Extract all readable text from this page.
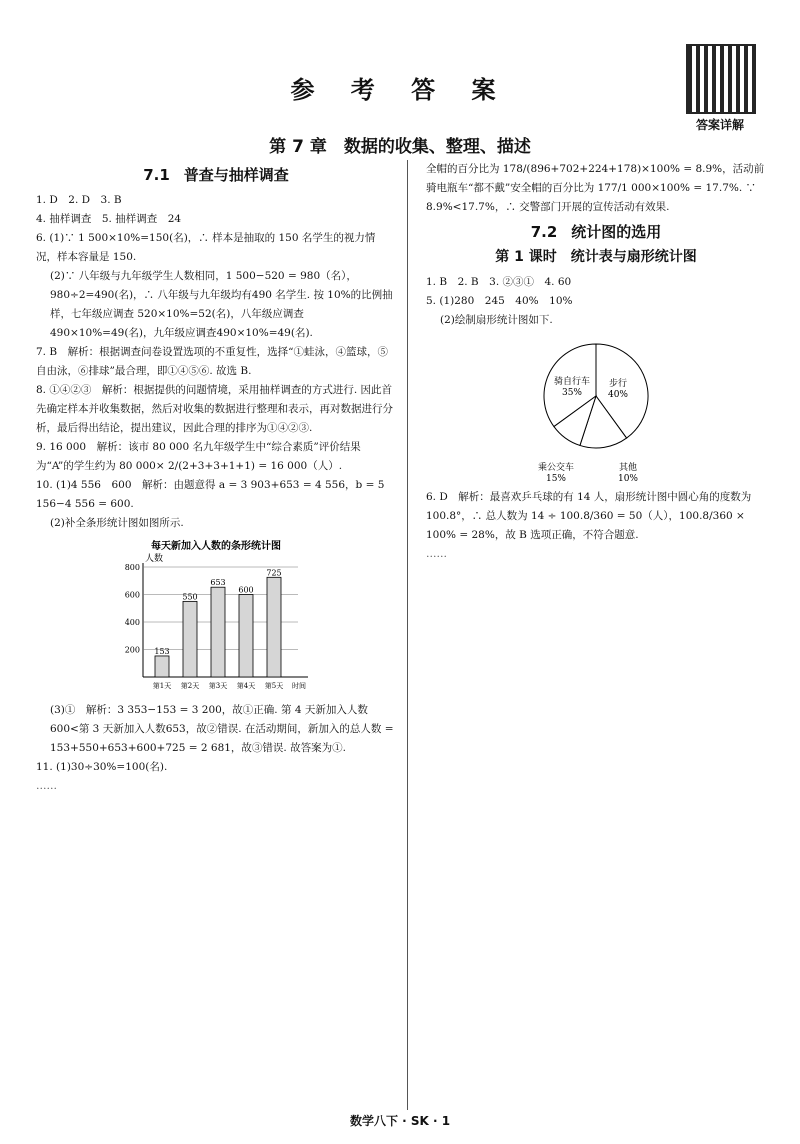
参 考 答 案
答案详解
第 7 章　数据的收集、整理、描述
7.1 普查与抽样调查

1. D　2. D　3. B

4. 抽样调查　5. 抽样调查　24

6. (1)∵ 1 500×10%=150(名)，∴ 样本是抽取的 150 名学生的视力情况，样本容量是 150.

(2)∵ 八年级与九年级学生人数相同，1 500−520 = 980（名），980÷2=490(名)，∴ 八年级与九年级均有490 名学生. 按 10%的比例抽样，七年级应调查 520×10%=52(名)，八年级应调查 490×10%=49(名)，九年级应调查490×10%=49(名).

7. B　解析：根据调查问卷设置选项的不重复性，选择“①蛙泳，④篮球，⑤自由泳，⑥排球”最合理，即①④⑤⑥. 故选 B.

8. ①④②③　解析：根据提供的问题情境，采用抽样调查的方式进行. 因此首先确定样本并收集数据，然后对收集的数据进行整理和表示，再对数据进行分析，最后得出结论，提出建议，因此合理的排序为①④②③.

9. 16 000　解析：该市 80 000 名九年级学生中“综合素质”评价结果为“A”的学生约为 80 000× 2/(2+3+3+1+1) = 16 000（人）.

10. (1)4 556　600　解析：由题意得 a = 3 903+653 = 4 556，b = 5 156−4 556 = 600.

(2)补全条形统计图如图所示.

每天新加入人数的条形统计图
人数
200
400
600
800
153
第1天
550
第2天
653
第3天
600
第4天
725
第5天 时间

(3)①　解析：3 353−153 = 3 200，故①正确. 第 4 天新加入人数600<第 3 天新加入人数653，故②错误. 在活动期间，新加入的总人数 = 153+550+653+600+725 = 2 681，故③错误. 故答案为①.

11. (1)30÷30%=100(名).

……

全帽的百分比为 178/(896+702+224+178)×100% = 8.9%，活动前骑电瓶车“都不戴”安全帽的百分比为 177/1 000×100% = 17.7%. ∵ 8.9%<17.7%，∴ 交警部门开展的宣传活动有效果.

7.2 统计图的选用
第 1 课时　统计表与扇形统计图

1. B　2. B　3. ②③①　4. 60

5. (1)280　245　40%　10%

(2)绘制扇形统计图如下.

骑自行车
35%
步行
40%
乘公交车
15%
其他
10%

6. D　解析：最喜欢乒乓球的有 14 人，扇形统计图中圆心角的度数为 100.8°，∴ 总人数为 14 ÷ 100.8/360 = 50（人），100.8/360 × 100% = 28%，故 B 选项正确，不符合题意.

……

数学八下 · SK · 1
